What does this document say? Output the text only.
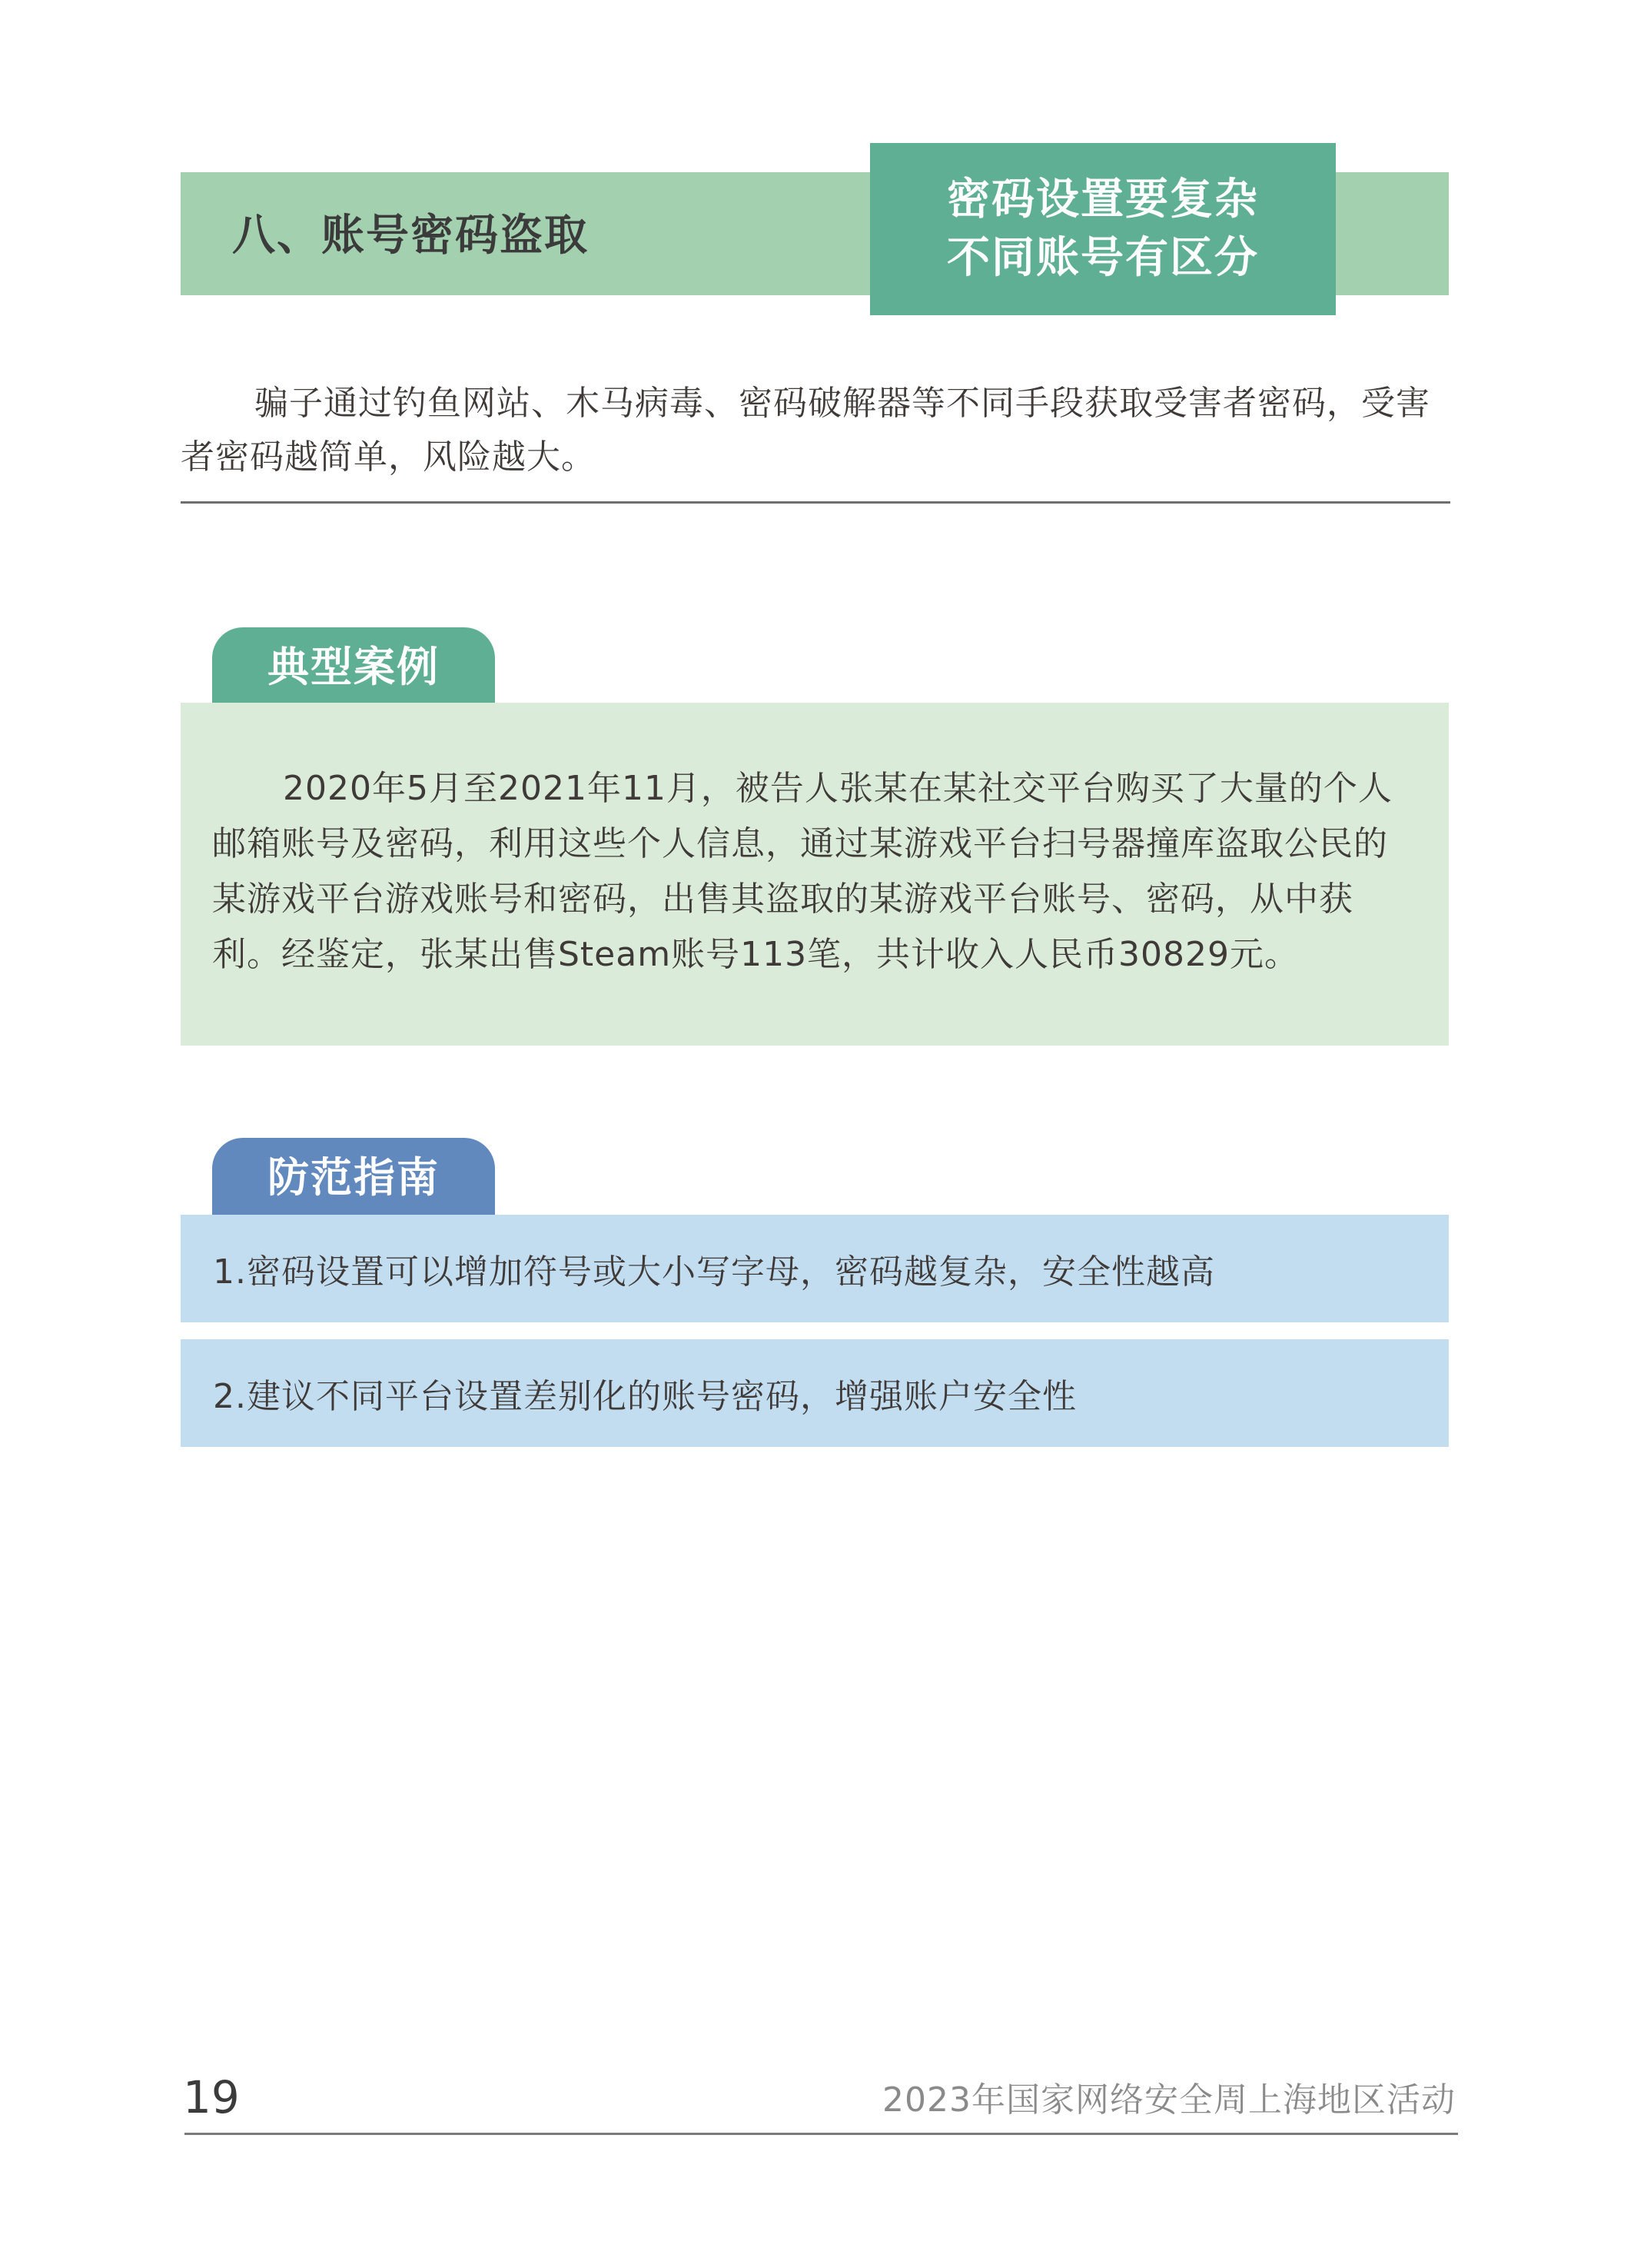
八、账号密码盗取
密码设置要复杂
不同账号有区分
骗子通过钓鱼网站、木马病毒、密码破解器等不同手段获取受害者密码，受害者密码越简单，风险越大。
典型案例
2020年5月至2021年11月，被告人张某在某社交平台购买了大量的个人邮箱账号及密码，利用这些个人信息，通过某游戏平台扫号器撞库盗取公民的某游戏平台游戏账号和密码，出售其盗取的某游戏平台账号、密码，从中获利。经鉴定，张某出售Steam账号113笔，共计收入人民币30829元。
防范指南
1.密码设置可以增加符号或大小写字母，密码越复杂，安全性越高
2.建议不同平台设置差别化的账号密码，增强账户安全性
19	2023年国家网络安全周上海地区活动
